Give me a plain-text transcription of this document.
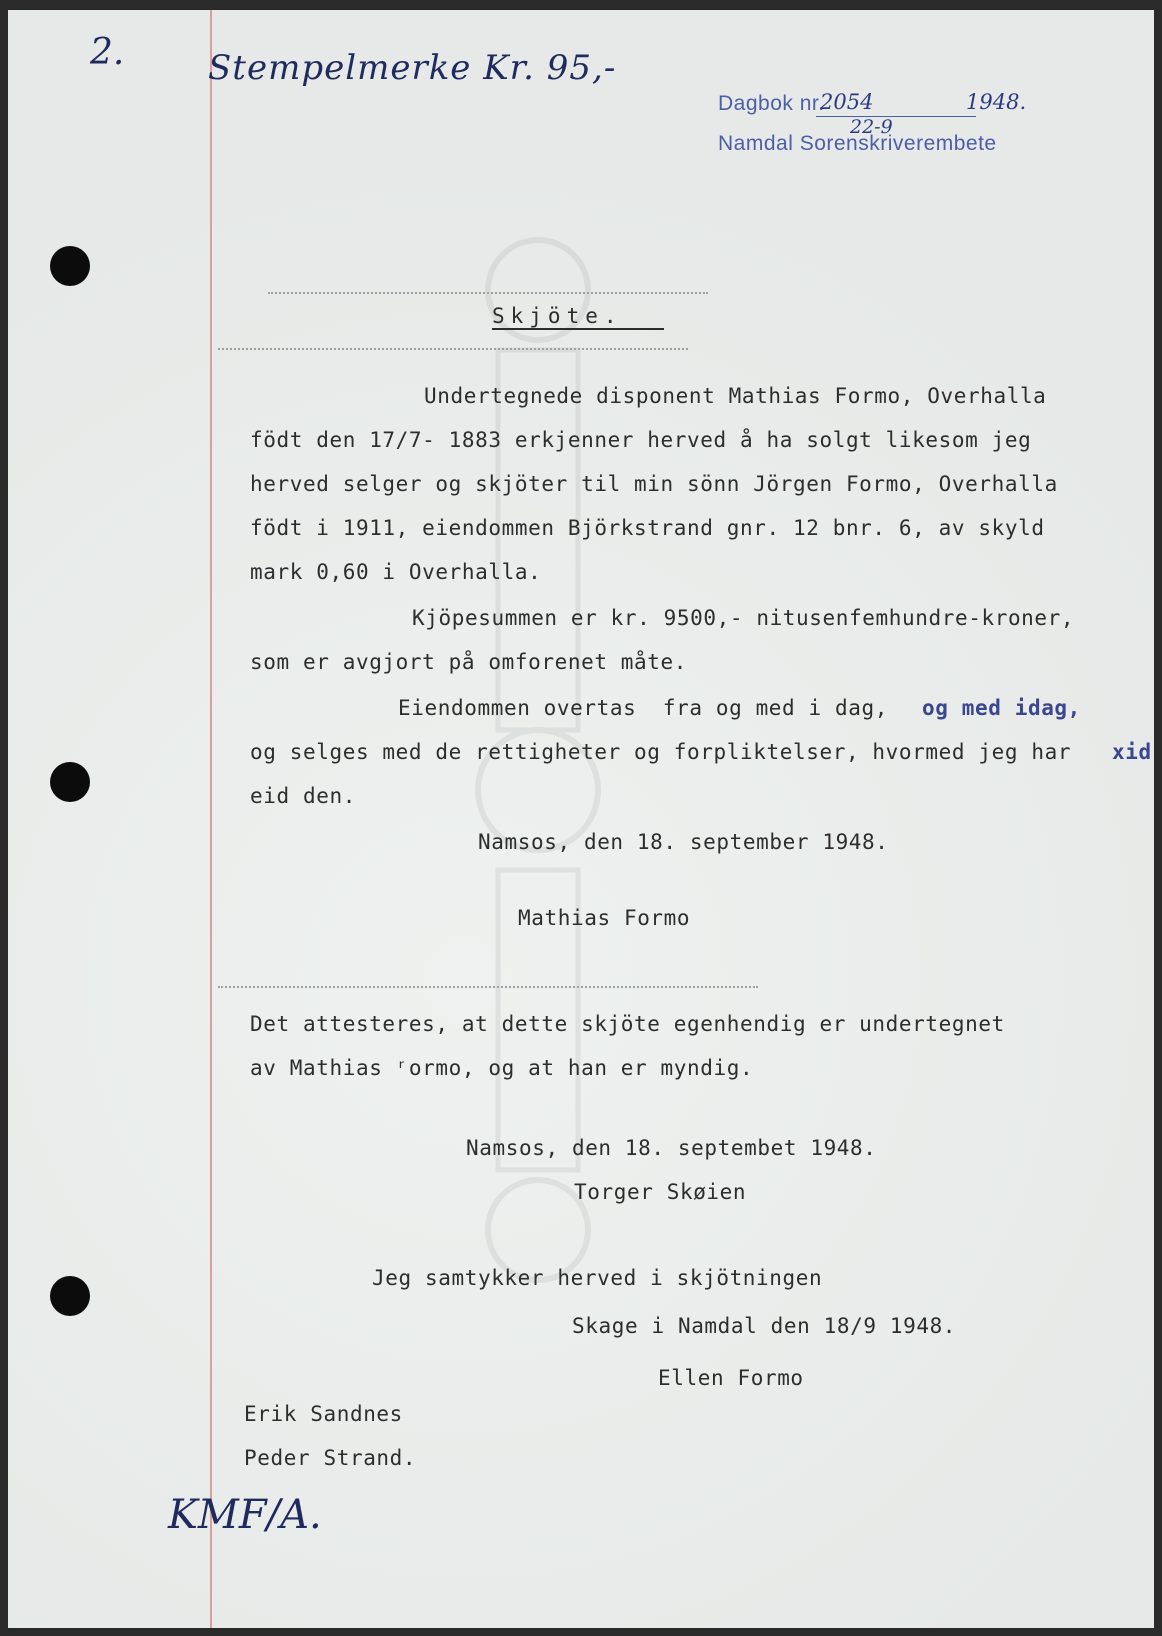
2. Stempelmerke Kr. 95,-
Dagbok nr.
2054	1948.
22-9
Namdal Sorenskriverembete
Skjöte.
Undertegnede disponent Mathias Formo, Overhalla
födt den 17/7- 1883 erkjenner herved å ha solgt likesom jeg
herved selger og skjöter til min sönn Jörgen Formo, Overhalla
födt i 1911, eiendommen Björkstrand gnr. 12 bnr. 6, av skyld
mark 0,60 i Overhalla.
Kjöpesummen er kr. 9500,- nitusenfemhundre-kroner,
som er avgjort på omforenet måte.
Eiendommen overtas  fra og med i dag, og med idag,
og selges med de rettigheter og forpliktelser, hvormed jeg har xid
eid den.
Namsos, den 18. september 1948.
Mathias Formo
Det attesteres, at dette skjöte egenhendig er undertegnet
av Mathias ʳormo, og at han er myndig.
Namsos, den 18. septembet 1948.
Torger Skøien
Jeg samtykker herved i skjötningen
Skage i Namdal den 18/9 1948.
Ellen Formo
Erik Sandnes
Peder Strand.
KMF/A.
